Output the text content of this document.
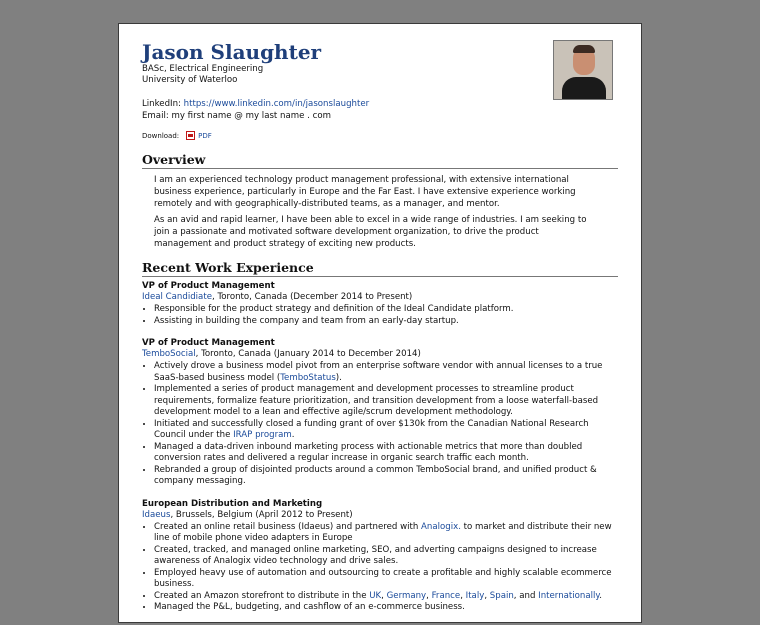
Jason Slaughter
BASc, Electrical Engineering
University of Waterloo
LinkedIn: https://www.linkedin.com/in/jasonslaughter
Email: my first name @ my last name . com
Download:	PDF
Overview

I am an experienced technology product management professional, with extensive international business experience, particularly in Europe and the Far East. I have extensive experience working remotely and with geographically-distributed teams, as a manager, and mentor.

As an avid and rapid learner, I have been able to excel in a wide range of industries. I am seeking to join a passionate and motivated software development organization, to drive the product management and product strategy of exciting new products.

Recent Work Experience
VP of Product Management
Ideal Candidiate, Toronto, Canada (December 2014 to Present)
• Responsible for the product strategy and definition of the Ideal Candidate platform.
• Assisting in building the company and team from an early-day startup.
VP of Product Management
TemboSocial, Toronto, Canada (January 2014 to December 2014)
• Actively drove a business model pivot from an enterprise software vendor with annual licenses to a true SaaS-based business model (TemboStatus).
• Implemented a series of product management and development processes to streamline product requirements, formalize feature prioritization, and transition development from a loose waterfall-based development model to a lean and effective agile/scrum development methodology.
• Initiated and successfully closed a funding grant of over $130k from the Canadian National Research Council under the IRAP program.
• Managed a data-driven inbound marketing process with actionable metrics that more than doubled conversion rates and delivered a regular increase in organic search traffic each month.
• Rebranded a group of disjointed products around a common TemboSocial brand, and unified product & company messaging.
European Distribution and Marketing
Idaeus, Brussels, Belgium (April 2012 to Present)
• Created an online retail business (Idaeus) and partnered with Analogix. to market and distribute their new line of mobile phone video adapters in Europe
• Created, tracked, and managed online marketing, SEO, and adverting campaigns designed to increase awareness of Analogix video technology and drive sales.
• Employed heavy use of automation and outsourcing to create a profitable and highly scalable ecommerce business.
• Created an Amazon storefront to distribute in the UK, Germany, France, Italy, Spain, and Internationally.
• Managed the P&L, budgeting, and cashflow of an e-commerce business.
